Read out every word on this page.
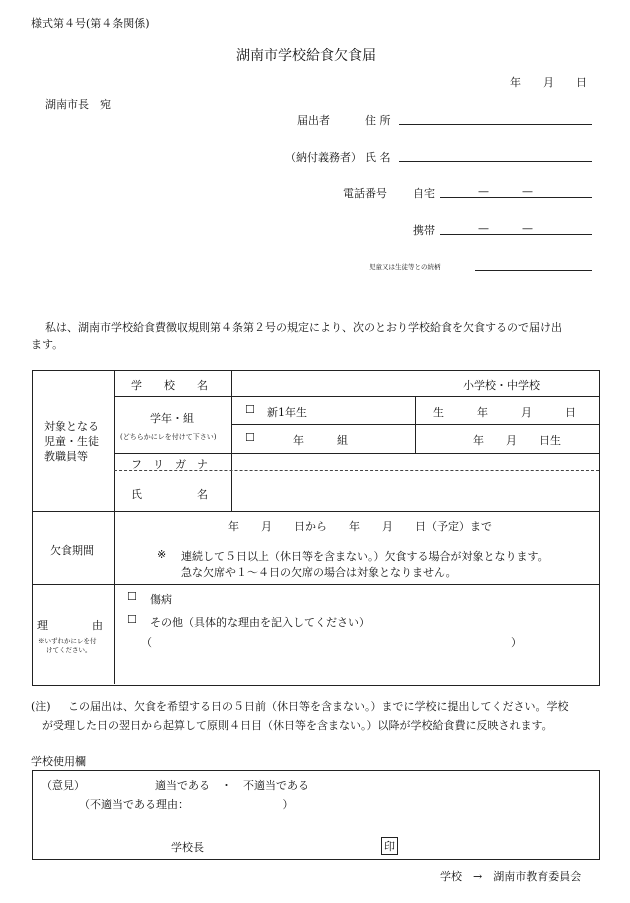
様式第４号(第４条関係)
湖南市学校給食欠食届
年　　月　　日
湖南市長　宛
届出者	住 所
（納付義務者） 氏 名
電話番号 自宅	—　　　—
携帯	—　　　—
児童又は生徒等との続柄
私は、湖南市学校給食費徴収規則第４条第２号の規定により、次のとおり学校給食を欠食するので届け出
ます。
対象となる
児童・生徒
教職員等
学　　校　　名	小学校・中学校
学年・組
(どちらかにレを付けて下さい)
☐ 新1年生	生　　　年　　　月　　　日
☐	年　　　組	年　　月　　日生
フ　リ　ガ　ナ
氏　　　　　名
欠食期間
年　　月　　日から　　年　　月　　日（予定）まで
※ 連続して５日以上（休日等を含まない。）欠食する場合が対象となります。
急な欠席や１～４日の欠席の場合は対象となりません。
理　　　　由
※いずれかにレを付
けてください。
☐ 傷病
☐ その他（具体的な理由を記入してください）
（	）
(注) この届出は、欠食を希望する日の５日前（休日等を含まない。）までに学校に提出してください。学校
が受理した日の翌日から起算して原則４日目（休日等を含まない。）以降が学校給食費に反映されます。
学校使用欄
（意見）	適当である　・　不適当である
（不適当である理由：　　　　　　　　　）
学校長	印
学校　→　湖南市教育委員会
